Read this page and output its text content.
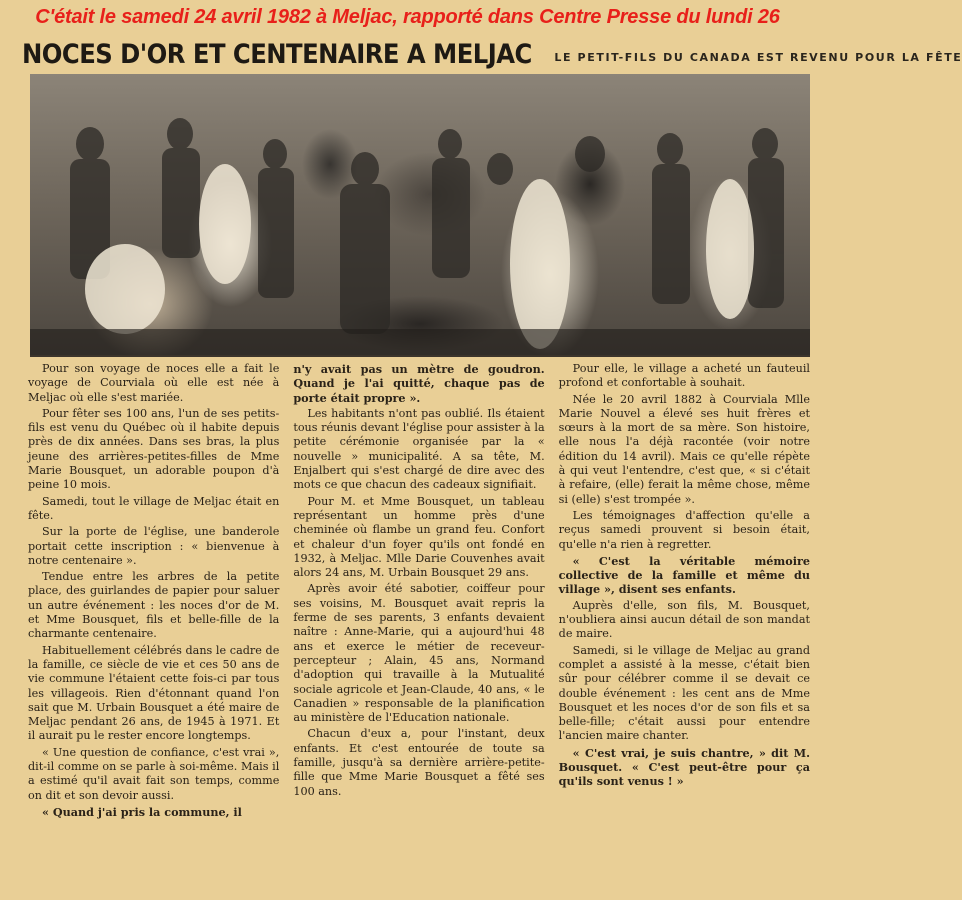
C'était le samedi 24 avril 1982 à Meljac, rapporté dans Centre Presse du lundi 26
NOCES D'OR ET CENTENAIRE A MELJAC LE PETIT-FILS DU CANADA EST REVENU POUR LA FÊTE

Pour son voyage de noces elle a fait le voyage de Courviala où elle est née à Meljac où elle s'est mariée.

Pour fêter ses 100 ans, l'un de ses petits-fils est venu du Québec où il habite depuis près de dix années. Dans ses bras, la plus jeune des arrières-petites-filles de Mme Marie Bousquet, un adorable poupon d'à peine 10 mois.

Samedi, tout le village de Meljac était en fête.

Sur la porte de l'église, une banderole portait cette inscription : « bienvenue à notre centenaire ».

Tendue entre les arbres de la petite place, des guirlandes de papier pour saluer un autre événement : les noces d'or de M. et Mme Bousquet, fils et belle-fille de la charmante centenaire.

Habituellement célébrés dans le cadre de la famille, ce siècle de vie et ces 50 ans de vie commune l'étaient cette fois-ci par tous les villageois. Rien d'étonnant quand l'on sait que M. Urbain Bousquet a été maire de Meljac pendant 26 ans, de 1945 à 1971. Et il aurait pu le rester encore longtemps.

« Une question de confiance, c'est vrai », dit-il comme on se parle à soi-même. Mais il a estimé qu'il avait fait son temps, comme on dit et son devoir aussi.

« Quand j'ai pris la commune, il

n'y avait pas un mètre de goudron. Quand je l'ai quitté, chaque pas de porte était propre ».

Les habitants n'ont pas oublié. Ils étaient tous réunis devant l'église pour assister à la petite cérémonie organisée par la « nouvelle » municipalité. A sa tête, M. Enjalbert qui s'est chargé de dire avec des mots ce que chacun des cadeaux signifiait.

Pour M. et Mme Bousquet, un tableau représentant un homme près d'une cheminée où flambe un grand feu. Confort et chaleur d'un foyer qu'ils ont fondé en 1932, à Meljac. Mlle Darie Couvenhes avait alors 24 ans, M. Urbain Bousquet 29 ans.

Après avoir été sabotier, coiffeur pour ses voisins, M. Bousquet avait repris la ferme de ses parents, 3 enfants devaient naître : Anne-Marie, qui a aujourd'hui 48 ans et exerce le métier de receveur-percepteur ; Alain, 45 ans, Normand d'adoption qui travaille à la Mutualité sociale agricole et Jean-Claude, 40 ans, « le Canadien » responsable de la planification au ministère de l'Education nationale.

Chacun d'eux a, pour l'instant, deux enfants. Et c'est entourée de toute sa famille, jusqu'à sa dernière arrière-petite-fille que Mme Marie Bousquet a fêté ses 100 ans.

Pour elle, le village a acheté un fauteuil profond et confortable à souhait.

Née le 20 avril 1882 à Courviala Mlle Marie Nouvel a élevé ses huit frères et sœurs à la mort de sa mère. Son histoire, elle nous l'a déjà racontée (voir notre édition du 14 avril). Mais ce qu'elle répète à qui veut l'entendre, c'est que, « si c'était à refaire, (elle) ferait la même chose, même si (elle) s'est trompée ».

Les témoignages d'affection qu'elle a reçus samedi prouvent si besoin était, qu'elle n'a rien à regretter.

« C'est la véritable mémoire collective de la famille et même du village », disent ses enfants.

Auprès d'elle, son fils, M. Bousquet, n'oubliera ainsi aucun détail de son mandat de maire.

Samedi, si le village de Meljac au grand complet a assisté à la messe, c'était bien sûr pour célébrer comme il se devait ce double événement : les cent ans de Mme Bousquet et les noces d'or de son fils et sa belle-fille; c'était aussi pour entendre l'ancien maire chanter.

« C'est vrai, je suis chantre, » dit M. Bousquet. « C'est peut-être pour ça qu'ils sont venus ! »
